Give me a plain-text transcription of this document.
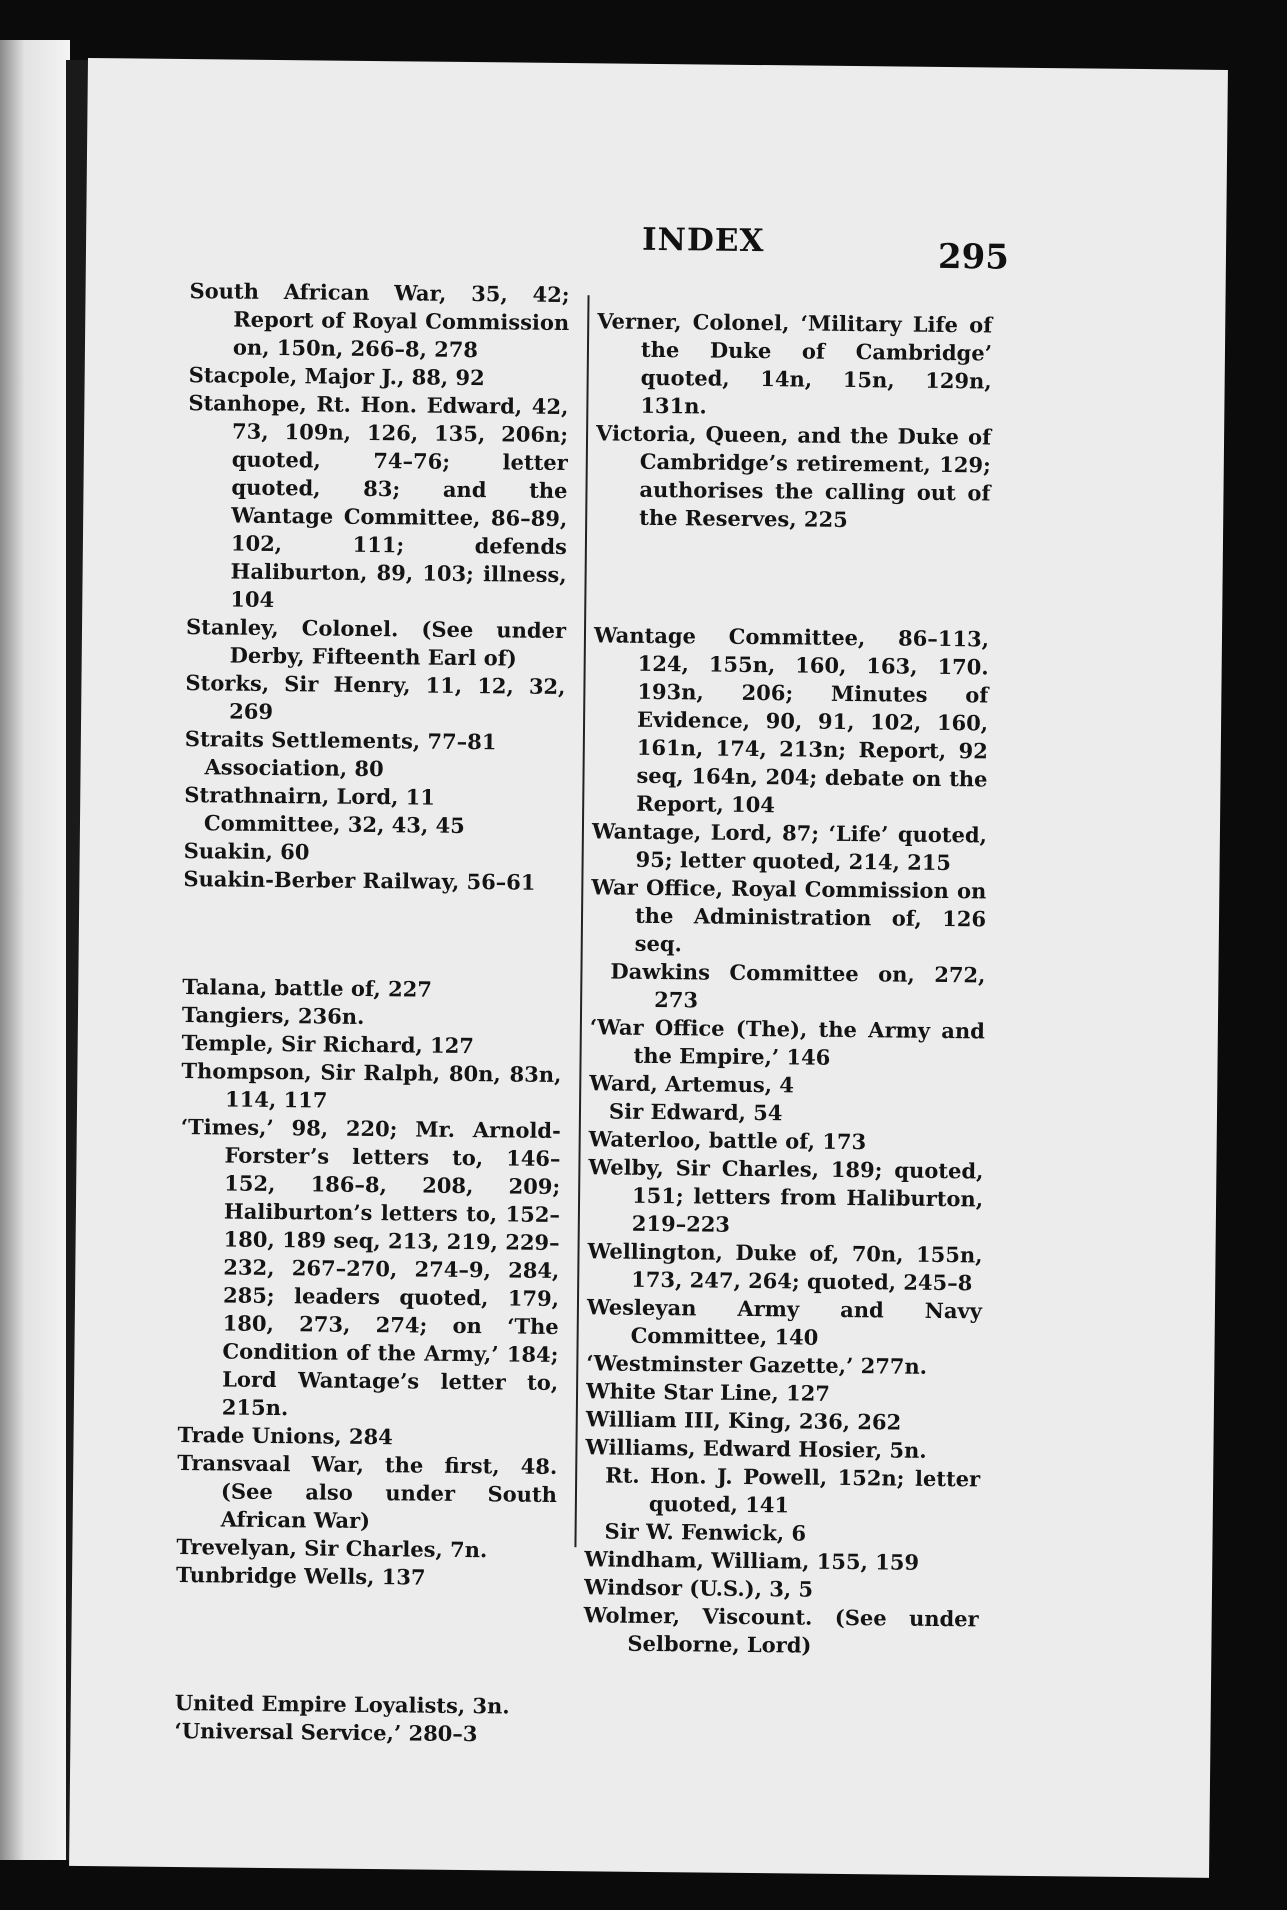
INDEX	295

South African War, 35, 42; Report of Royal Commission on, 150n, 266–8, 278

Stacpole, Major J., 88, 92

Stanhope, Rt. Hon. Edward, 42, 73, 109n, 126, 135, 206n; quoted, 74–76; letter quoted, 83; and the Wantage Committee, 86–89, 102, 111; defends Haliburton, 89, 103; illness, 104

Stanley, Colonel. (See under Derby, Fifteenth Earl of)

Storks, Sir Henry, 11, 12, 32, 269

Straits Settlements, 77–81

Association, 80

Strathnairn, Lord, 11

Committee, 32, 43, 45

Suakin, 60

Suakin-Berber Railway, 56–61

Talana, battle of, 227

Tangiers, 236n.

Temple, Sir Richard, 127

Thompson, Sir Ralph, 80n, 83n, 114, 117

‘Times,’ 98, 220; Mr. Arnold-Forster’s letters to, 146–152, 186–8, 208, 209; Haliburton’s letters to, 152–180, 189 seq, 213, 219, 229–232, 267–270, 274–9, 284, 285; leaders quoted, 179, 180, 273, 274; on ‘The Condition of the Army,’ 184; Lord Wantage’s letter to, 215n.

Trade Unions, 284

Transvaal War, the first, 48. (See also under South African War)

Trevelyan, Sir Charles, 7n.

Tunbridge Wells, 137

United Empire Loyalists, 3n.

‘Universal Service,’ 280–3

Verner, Colonel, ‘Military Life of the Duke of Cambridge’ quoted, 14n, 15n, 129n, 131n.

Victoria, Queen, and the Duke of Cambridge’s retirement, 129; authorises the calling out of the Reserves, 225

Wantage Committee, 86–113, 124, 155n, 160, 163, 170. 193n, 206; Minutes of Evidence, 90, 91, 102, 160, 161n, 174, 213n; Report, 92 seq, 164n, 204; debate on the Report, 104

Wantage, Lord, 87; ‘Life’ quoted, 95; letter quoted, 214, 215

War Office, Royal Commission on the Administration of, 126 seq.

Dawkins Committee on, 272, 273

‘War Office (The), the Army and the Empire,’ 146

Ward, Artemus, 4

Sir Edward, 54

Waterloo, battle of, 173

Welby, Sir Charles, 189; quoted, 151; letters from Haliburton, 219–223

Wellington, Duke of, 70n, 155n, 173, 247, 264; quoted, 245–8

Wesleyan Army and Navy Committee, 140

‘Westminster Gazette,’ 277n.

White Star Line, 127

William III, King, 236, 262

Williams, Edward Hosier, 5n.

Rt. Hon. J. Powell, 152n; letter quoted, 141

Sir W. Fenwick, 6

Windham, William, 155, 159

Windsor (U.S.), 3, 5

Wolmer, Viscount. (See under Selborne, Lord)
